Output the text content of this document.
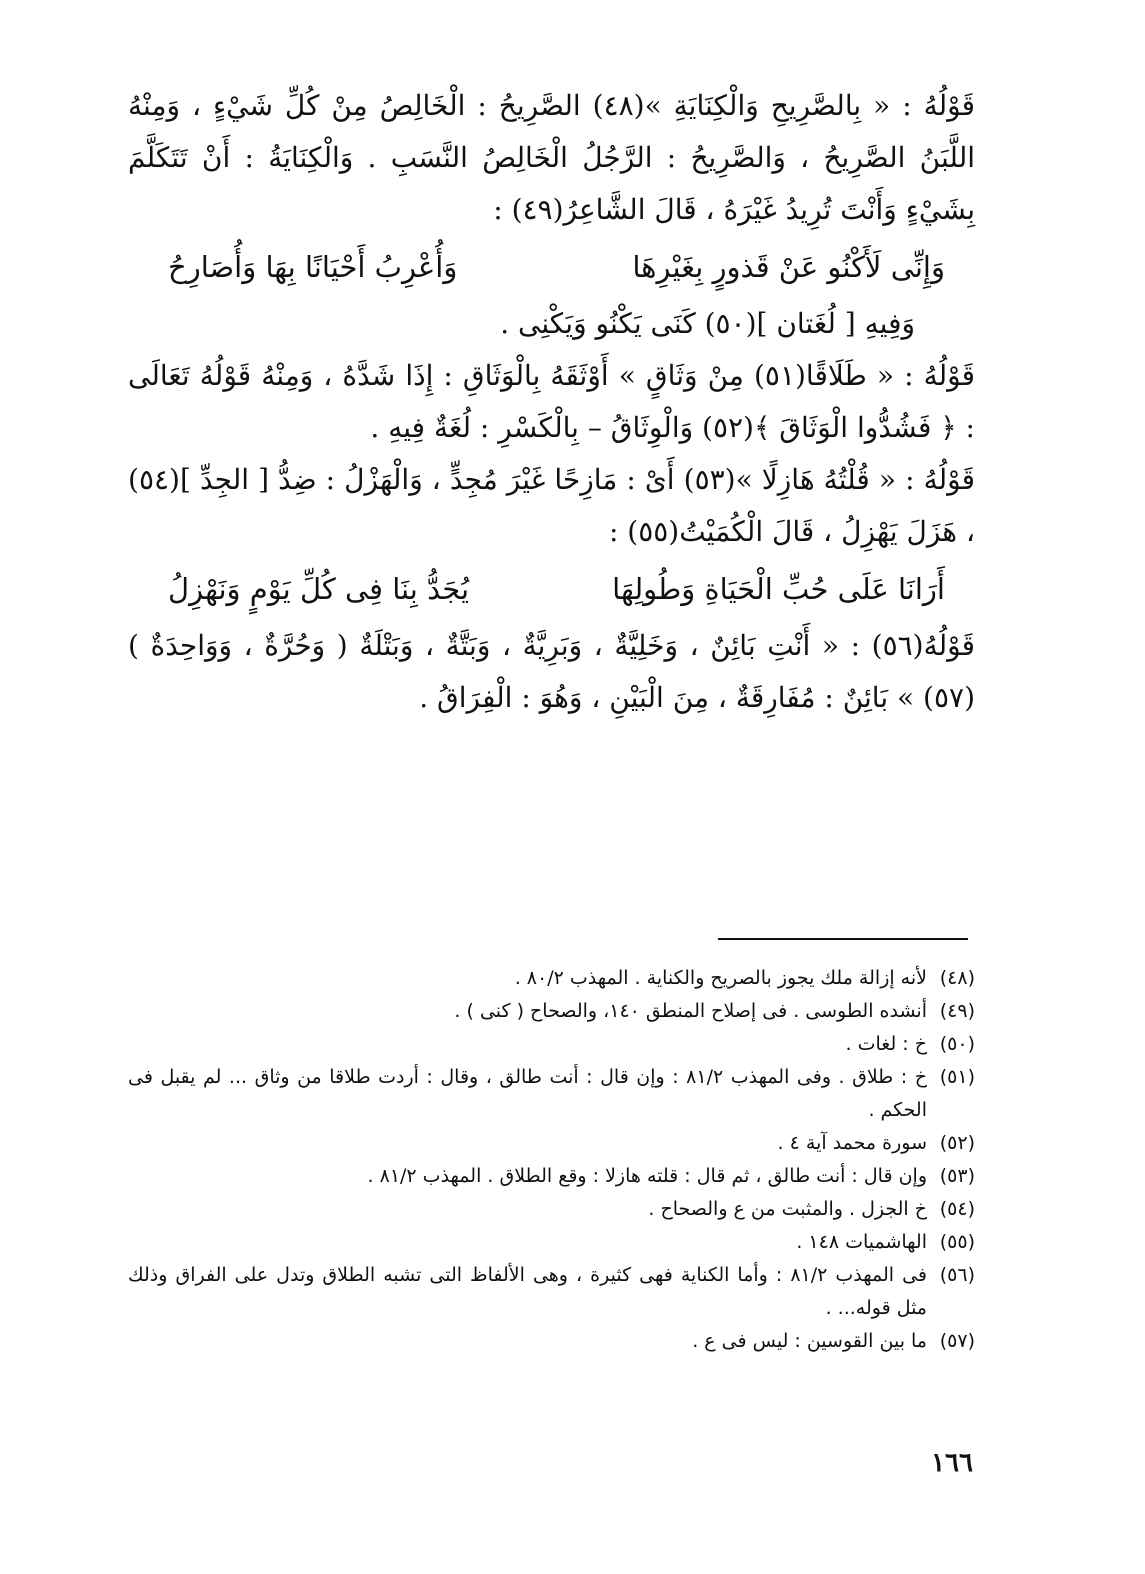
قَوْلُهُ : « بِالصَّرِيحِ وَالْكِنَايَةِ »(٤٨) الصَّرِيحُ : الْخَالِصُ مِنْ كُلِّ شَيْءٍ ، وَمِنْهُ اللَّبَنُ الصَّرِيحُ ، وَالصَّرِيحُ : الرَّجُلُ الْخَالِصُ النَّسَبِ . وَالْكِنَايَةُ : أَنْ تَتَكَلَّمَ بِشَيْءٍ وَأَنْتَ تُرِيدُ غَيْرَهُ ، قَالَ الشَّاعِرُ(٤٩) :

وَإِنِّى لَأَكْنُو عَنْ قَذورٍ بِغَيْرِهَا
وَأُعْرِبُ أَحْيَانًا بِهَا وَأُصَارِحُ

وَفِيهِ [ لُغَتان ](٥٠) كَنَى يَكْنُو وَيَكْنِى .

قَوْلُهُ : « طَلَاقًا(٥١) مِنْ وَثَاقٍ » أَوْثَقَهُ بِالْوَثَاقِ : إِذَا شَدَّهُ ، وَمِنْهُ قَوْلُهُ تَعَالَى : ﴿ فَشُدُّوا الْوَثَاقَ ﴾(٥٢) وَالْوِثَاقُ – بِالْكَسْرِ : لُغَةٌ فِيهِ .

قَوْلُهُ : « قُلْتُهُ هَازِلًا »(٥٣) أَىْ : مَازِحًا غَيْرَ مُجِدٍّ ، وَالْهَزْلُ : ضِدُّ [ الجِدِّ ](٥٤) ، هَزَلَ يَهْزِلُ ، قَالَ الْكُمَيْتُ(٥٥) :

أَرَانَا عَلَى حُبِّ الْحَيَاةِ وَطُولِهَا
يُجَدُّ بِنَا فِى كُلِّ يَوْمٍ وَنَهْزِلُ

قَوْلُهُ(٥٦) : « أَنْتِ بَائِنٌ ، وَخَلِيَّةٌ ، وَبَرِيَّةٌ ، وَبَتَّةٌ ، وَبَتْلَةٌ ( وَحُرَّةٌ ، وَوَاحِدَةٌ )(٥٧) » بَائِنٌ : مُفَارِقَةٌ ، مِنَ الْبَيْنِ ، وَهُوَ : الْفِرَاقُ .

(٤٨)
لأنه إزالة ملك يجوز بالصريح والكناية . المهذب ٨٠/٢ .
(٤٩)
أنشده الطوسى . فى إصلاح المنطق ١٤٠، والصحاح ( كنى ) .
(٥٠)
خ : لغات .
(٥١)
خ : طلاق . وفى المهذب ٨١/٢ : وإن قال : أنت طالق ، وقال : أردت طلاقا من وثاق ... لم يقبل فى الحكم .
(٥٢)
سورة محمد آية ٤ .
(٥٣)
وإن قال : أنت طالق ، ثم قال : قلته هازلا : وقع الطلاق . المهذب ٨١/٢ .
(٥٤)
خ الجزل . والمثبت من ع والصحاح .
(٥٥)
الهاشميات ١٤٨ .
(٥٦)
فى المهذب ٨١/٢ : وأما الكناية فهى كثيرة ، وهى الألفاظ التى تشبه الطلاق وتدل على الفراق وذلك مثل قوله... .
(٥٧)
ما بين القوسين : ليس فى ع .
١٦٦
